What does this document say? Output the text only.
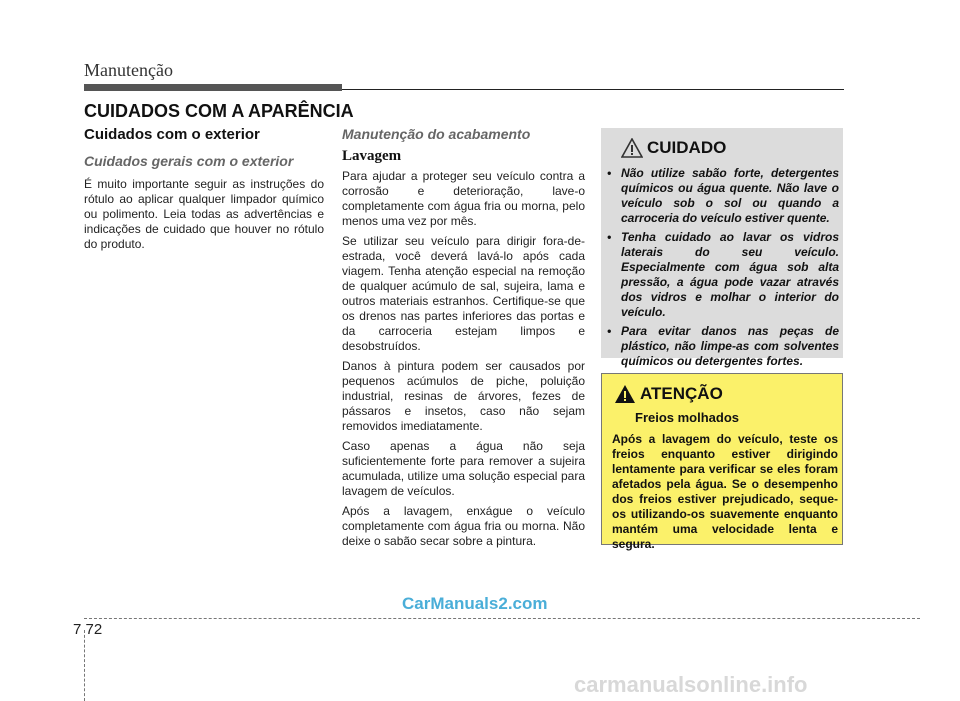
Manutenção
CUIDADOS COM A APARÊNCIA
Cuidados com o exterior
Cuidados gerais com o exterior
É muito importante seguir as instruções do rótulo ao aplicar qualquer limpador químico ou polimento. Leia todas as advertências e indicações de cuidado que houver no rótulo do produto.
Manutenção do acabamento
Lavagem

Para ajudar a proteger seu veículo contra a corrosão e deterioração, lave-o completamente com água fria ou morna, pelo menos uma vez por mês.

Se utilizar seu veículo para dirigir fora-de-estrada, você deverá lavá-lo após cada viagem. Tenha atenção especial na remoção de qualquer acúmulo de sal, sujeira, lama e outros materiais estranhos. Certifique-se que os drenos nas partes inferiores das portas e da carroceria estejam limpos e desobstruídos.

Danos à pintura podem ser causados por pequenos acúmulos de piche, poluição industrial, resinas de árvores, fezes de pássaros e insetos, caso não sejam removidos imediatamente.

Caso apenas a água não seja suficientemente forte para remover a sujeira acumulada, utilize uma solução especial para lavagem de veículos.

Após a lavagem, enxágue o veículo completamente com água fria ou morna. Não deixe o sabão secar sobre a pintura.

CUIDADO
• Não utilize sabão forte, detergentes químicos ou água quente. Não lave o veículo sob o sol ou quando a carroceria do veículo estiver quente.
• Tenha cuidado ao lavar os vidros laterais do seu veículo. Especialmente com água sob alta pressão, a água pode vazar através dos vidros e molhar o interior do veículo.
• Para evitar danos nas peças de plástico, não limpe-as com solventes químicos ou detergentes fortes.
ATENÇÃO
Freios molhados
Após a lavagem do veículo, teste os freios enquanto estiver dirigindo lentamente para verificar se eles foram afetados pela água. Se o desempenho dos freios estiver prejudicado, seque-os utilizando-os suavemente enquanto mantém uma velocidade lenta e segura.
7 72
CarManuals2.com
carmanualsonline.info
